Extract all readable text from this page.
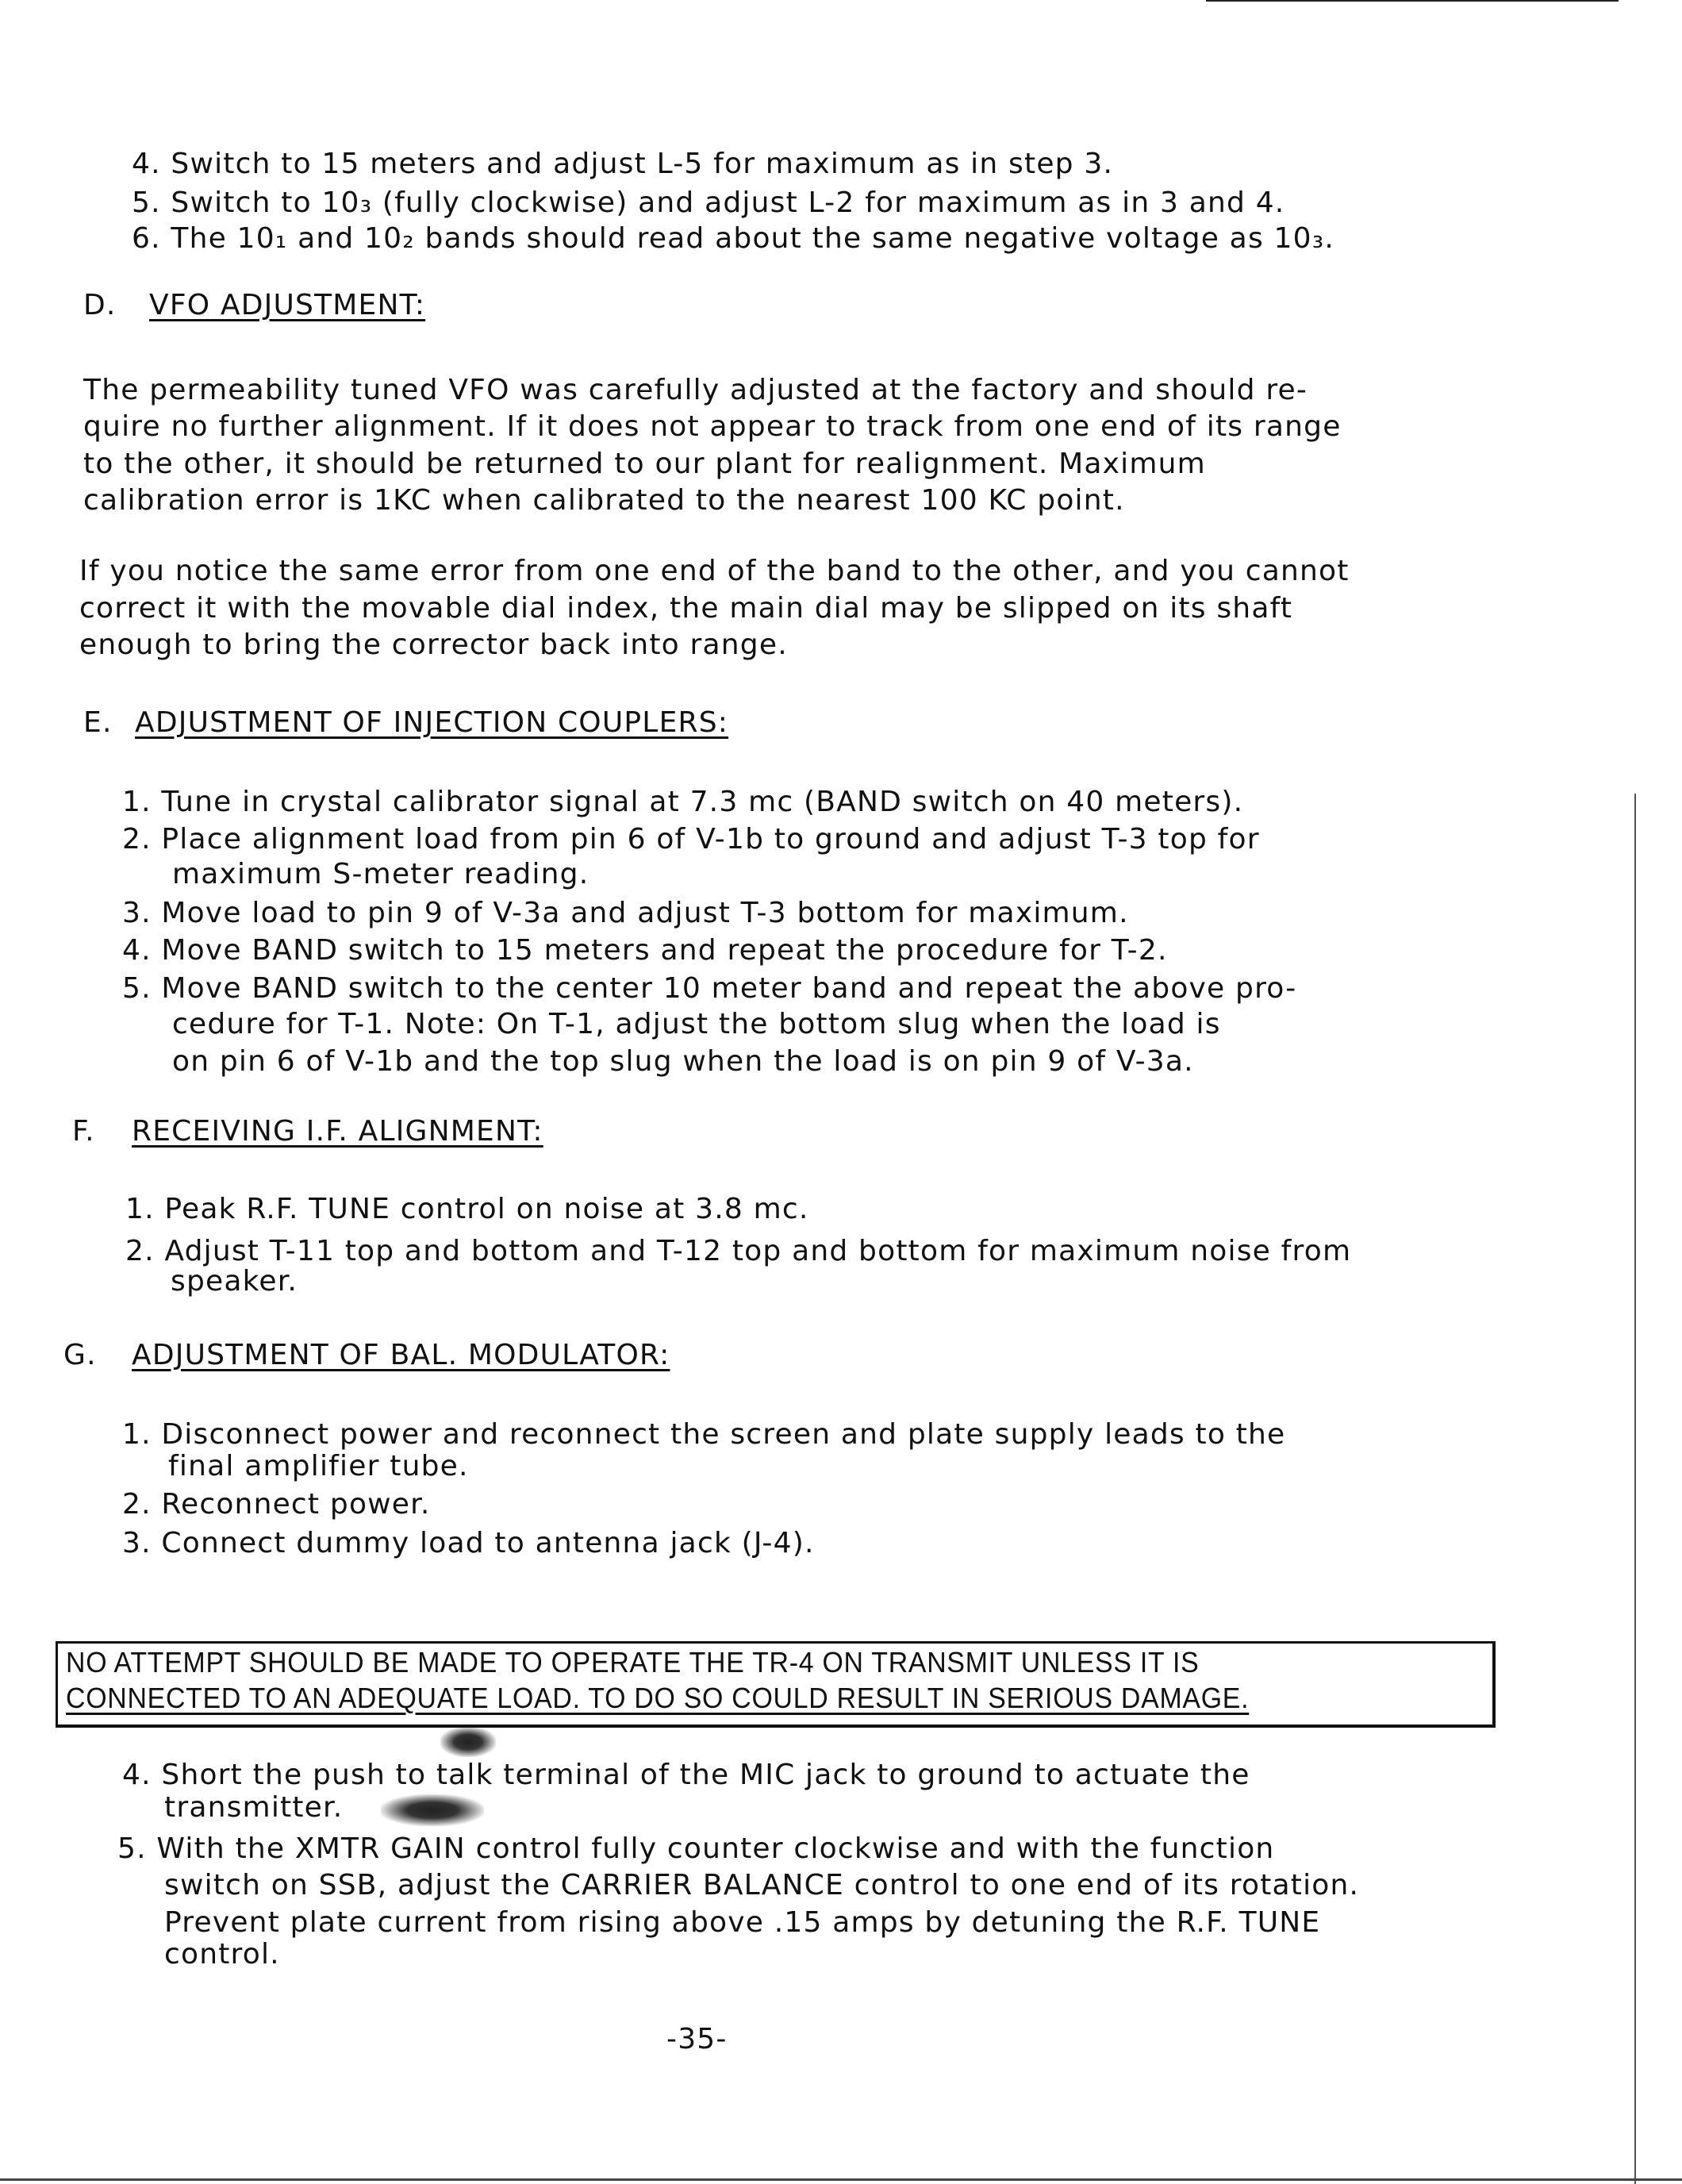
4. Switch to 15 meters and adjust L-5 for maximum as in step 3.
5. Switch to 10₃ (fully clockwise) and adjust L-2 for maximum as in 3 and 4.
6. The 10₁ and 10₂ bands should read about the same negative voltage as 10₃.
D. VFO ADJUSTMENT:
The permeability tuned VFO was carefully adjusted at the factory and should re-
quire no further alignment. If it does not appear to track from one end of its range
to the other, it should be returned to our plant for realignment. Maximum
calibration error is 1KC when calibrated to the nearest 100 KC point.
If you notice the same error from one end of the band to the other, and you cannot
correct it with the movable dial index, the main dial may be slipped on its shaft
enough to bring the corrector back into range.
E. ADJUSTMENT OF INJECTION COUPLERS:
1. Tune in crystal calibrator signal at 7.3 mc (BAND switch on 40 meters).
2. Place alignment load from pin 6 of V-1b to ground and adjust T-3 top for
maximum S-meter reading.
3. Move load to pin 9 of V-3a and adjust T-3 bottom for maximum.
4. Move BAND switch to 15 meters and repeat the procedure for T-2.
5. Move BAND switch to the center 10 meter band and repeat the above pro-
cedure for T-1. Note: On T-1, adjust the bottom slug when the load is
on pin 6 of V-1b and the top slug when the load is on pin 9 of V-3a.
F. RECEIVING I.F. ALIGNMENT:
1. Peak R.F. TUNE control on noise at 3.8 mc.
2. Adjust T-11 top and bottom and T-12 top and bottom for maximum noise from
speaker.
G. ADJUSTMENT OF BAL. MODULATOR:
1. Disconnect power and reconnect the screen and plate supply leads to the
final amplifier tube.
2. Reconnect power.
3. Connect dummy load to antenna jack (J-4).
NO ATTEMPT SHOULD BE MADE TO OPERATE THE TR-4 ON TRANSMIT UNLESS IT IS
CONNECTED TO AN ADEQUATE LOAD. TO DO SO COULD RESULT IN SERIOUS DAMAGE.
4. Short the push to talk terminal of the MIC jack to ground to actuate the
transmitter.
5. With the XMTR GAIN control fully counter clockwise and with the function
switch on SSB, adjust the CARRIER BALANCE control to one end of its rotation.
Prevent plate current from rising above .15 amps by detuning the R.F. TUNE
control.
-35-
